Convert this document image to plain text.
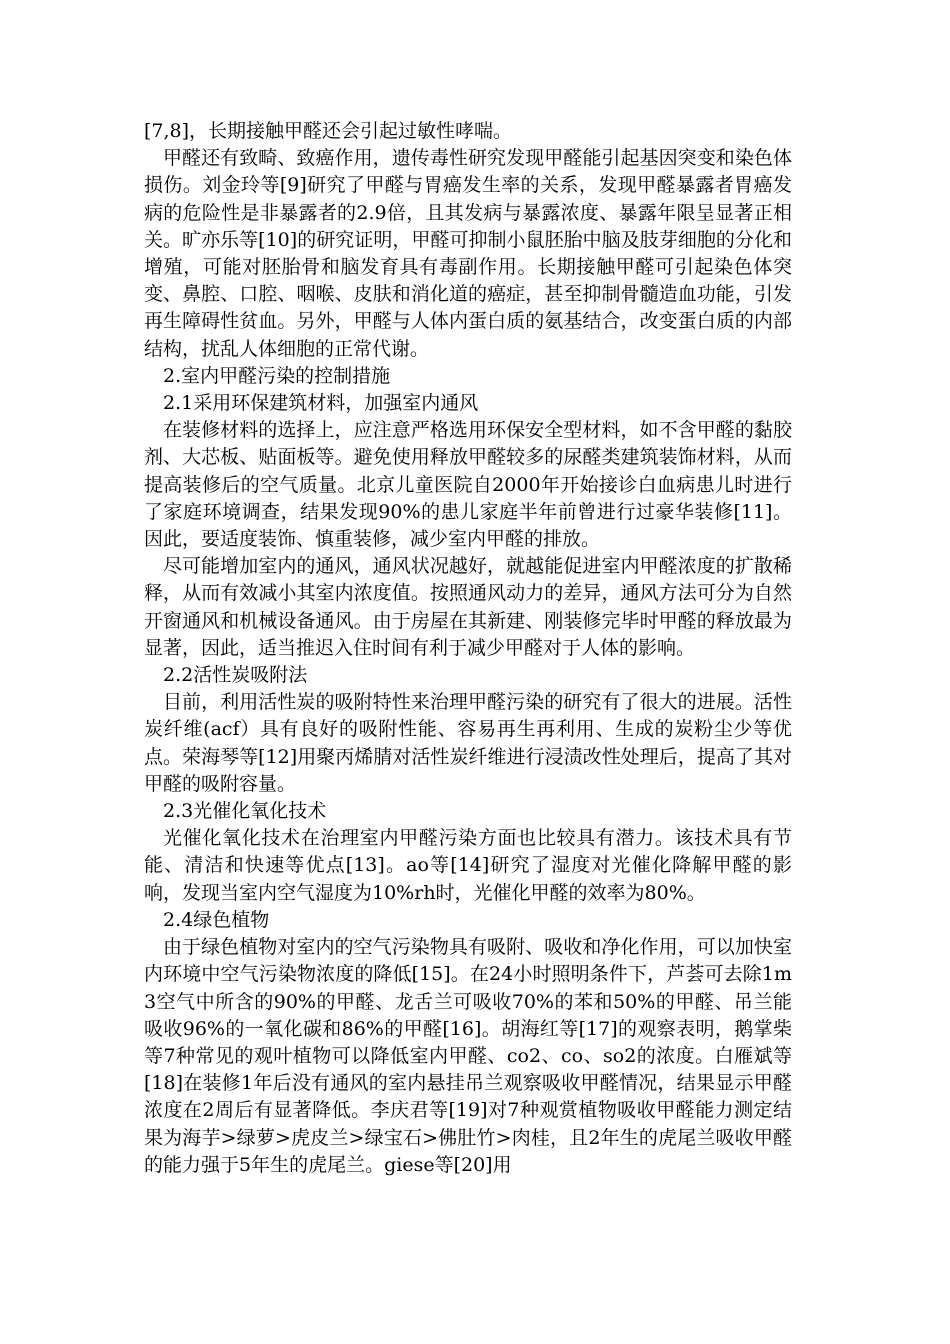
[7,8]，长期接触甲醛还会引起过敏性哮喘。

甲醛还有致畸、致癌作用，遗传毒性研究发现甲醛能引起基因突变和染色体损伤。刘金玲等[9]研究了甲醛与胃癌发生率的关系，发现甲醛暴露者胃癌发病的危险性是非暴露者的2.9倍，且其发病与暴露浓度、暴露年限呈显著正相关。旷亦乐等[10]的研究证明，甲醛可抑制小鼠胚胎中脑及肢芽细胞的分化和增殖，可能对胚胎骨和脑发育具有毒副作用。长期接触甲醛可引起染色体突变、鼻腔、口腔、咽喉、皮肤和消化道的癌症，甚至抑制骨髓造血功能，引发再生障碍性贫血。另外，甲醛与人体内蛋白质的氨基结合，改变蛋白质的内部结构，扰乱人体细胞的正常代谢。

2.室内甲醛污染的控制措施

2.1采用环保建筑材料，加强室内通风

在装修材料的选择上，应注意严格选用环保安全型材料，如不含甲醛的黏胶剂、大芯板、贴面板等。避免使用释放甲醛较多的尿醛类建筑装饰材料，从而提高装修后的空气质量。北京儿童医院自2000年开始接诊白血病患儿时进行了家庭环境调查，结果发现90%的患儿家庭半年前曾进行过豪华装修[11]。因此，要适度装饰、慎重装修，减少室内甲醛的排放。

尽可能增加室内的通风，通风状况越好，就越能促进室内甲醛浓度的扩散稀释，从而有效减小其室内浓度值。按照通风动力的差异，通风方法可分为自然开窗通风和机械设备通风。由于房屋在其新建、刚装修完毕时甲醛的释放最为显著，因此，适当推迟入住时间有利于减少甲醛对于人体的影响。

2.2活性炭吸附法

目前，利用活性炭的吸附特性来治理甲醛污染的研究有了很大的进展。活性炭纤维(acf）具有良好的吸附性能、容易再生再利用、生成的炭粉尘少等优点。荣海琴等[12]用聚丙烯腈对活性炭纤维进行浸渍改性处理后，提高了其对甲醛的吸附容量。

2.3光催化氧化技术

光催化氧化技术在治理室内甲醛污染方面也比较具有潜力。该技术具有节能、清洁和快速等优点[13]。ao等[14]研究了湿度对光催化降解甲醛的影响，发现当室内空气湿度为10%rh时，光催化甲醛的效率为80%。

2.4绿色植物

由于绿色植物对室内的空气污染物具有吸附、吸收和净化作用，可以加快室内环境中空气污染物浓度的降低[15]。在24小时照明条件下，芦荟可去除1m3空气中所含的90%的甲醛、龙舌兰可吸收70%的苯和50%的甲醛、吊兰能吸收96%的一氧化碳和86%的甲醛[16]。胡海红等[17]的观察表明，鹅掌柴等7种常见的观叶植物可以降低室内甲醛、co2、co、so2的浓度。白雁斌等[18]在装修1年后没有通风的室内悬挂吊兰观察吸收甲醛情况，结果显示甲醛浓度在2周后有显著降低。李庆君等[19]对7种观赏植物吸收甲醛能力测定结果为海芋>绿萝>虎皮兰>绿宝石>佛肚竹>肉桂，且2年生的虎尾兰吸收甲醛的能力强于5年生的虎尾兰。giese等[20]用
